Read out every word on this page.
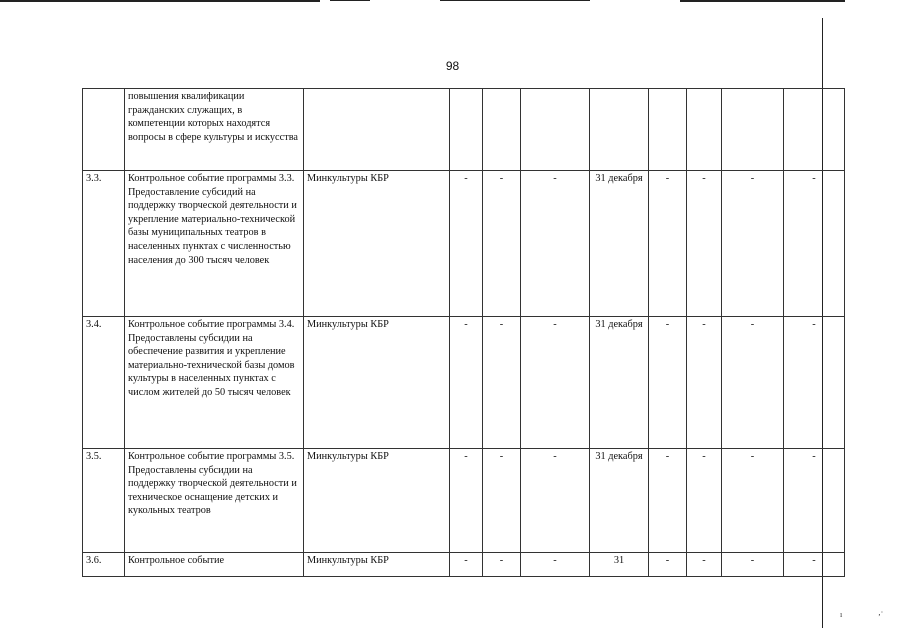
ı	‚·
98
	повышения квалификации гражданских служащих, в компетенции которых находятся вопросы в сфере культуры и искусства									
3.3.	Контрольное событие программы 3.3. Предоставление субсидий на поддержку творческой деятельности и укрепление материально-технической базы муниципальных театров в населенных пунктах с численностью населения до 300 тысяч человек	Минкультуры КБР	-	-	-	31 декабря	-	-	-	-
3.4.	Контрольное событие программы 3.4. Предоставлены субсидии на обеспечение развития и укрепление материально-технической базы домов культуры в населенных пунктах с числом жителей до 50 тысяч человек	Минкультуры КБР	-	-	-	31 декабря	-	-	-	-
3.5.	Контрольное событие программы 3.5. Предоставлены субсидии на поддержку творческой деятельности и техническое оснащение детских и кукольных театров	Минкультуры КБР	-	-	-	31 декабря	-	-	-	-
3.6.	Контрольное событие	Минкультуры КБР	-	-	-	31	-	-	-	-
